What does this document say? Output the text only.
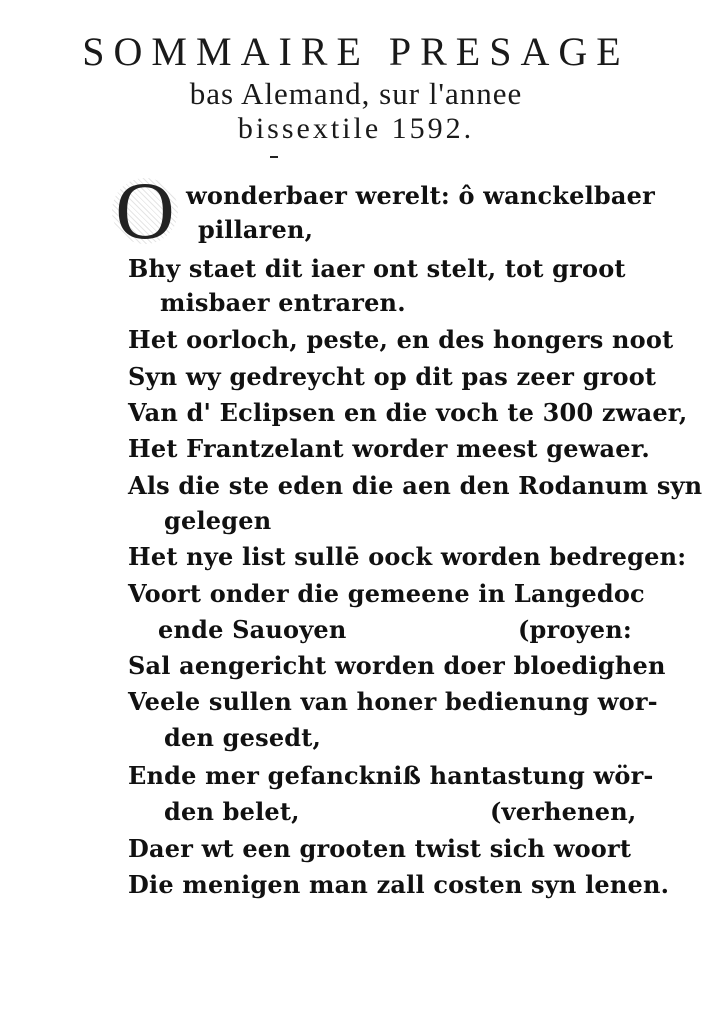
SOMMAIRE PRESAGE
bas Alemand, sur l'annee
bissextile 1592.
O wonderbaer werelt: ô wanckelbaer
pillaren,
Bhy staet dit iaer ont stelt, tot groot
misbaer entraren.
Het oorloch, peste, en des hongers noot
Syn wy gedreycht op dit pas zeer groot
Van d' Eclipsen en die voch te 300 zwaer,
Het Frantzelant worder meest gewaer.
Als die ste eden die aen den Rodanum syn
gelegen
Het nye list sullē oock worden bedregen:
Voort onder die gemeene in Langedoc
ende Sauoyen	(proyen:
Sal aengericht worden doer bloedighen
Veele sullen van honer bedienung wor-
den gesedt,
Ende mer gefanckniß hantastung wör-
den belet,	(verhenen,
Daer wt een grooten twist sich woort
Die menigen man zall costen syn lenen.
